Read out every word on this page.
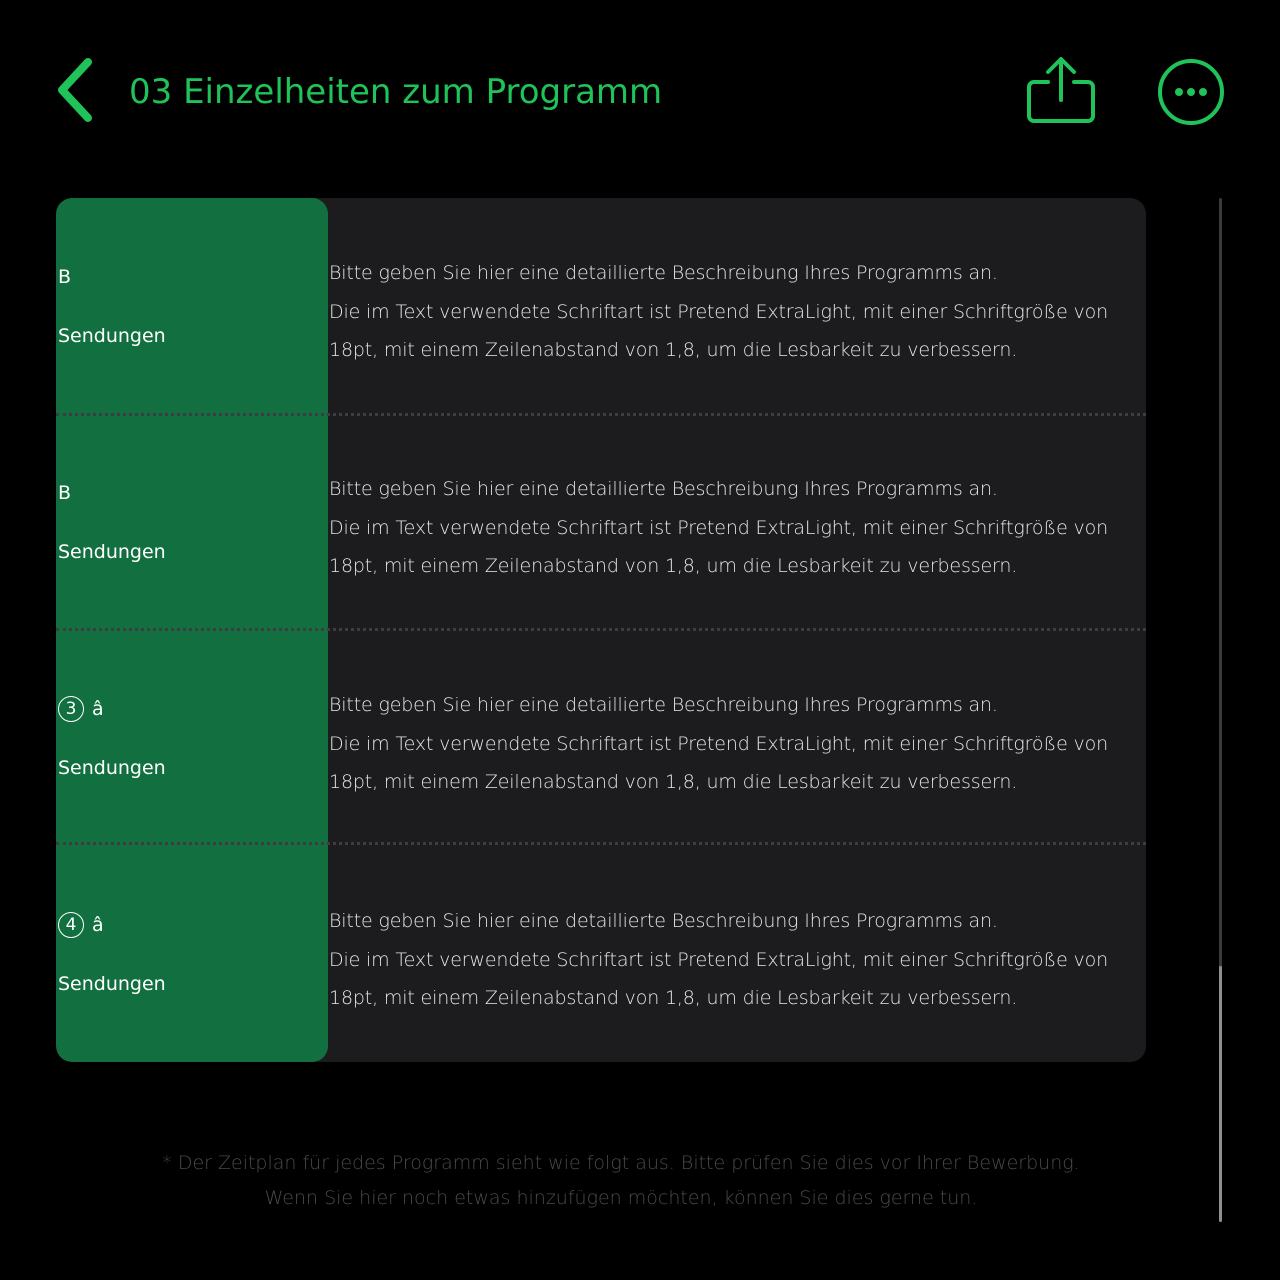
03 Einzelheiten zum Programm
B
Sendungen
Bitte geben Sie hier eine detaillierte Beschreibung Ihres Programms an.
Die im Text verwendete Schriftart ist Pretend ExtraLight, mit einer Schriftgröße von
18pt, mit einem Zeilenabstand von 1,8, um die Lesbarkeit zu verbessern.
B
Sendungen
Bitte geben Sie hier eine detaillierte Beschreibung Ihres Programms an.
Die im Text verwendete Schriftart ist Pretend ExtraLight, mit einer Schriftgröße von
18pt, mit einem Zeilenabstand von 1,8, um die Lesbarkeit zu verbessern.
3 â
Sendungen
Bitte geben Sie hier eine detaillierte Beschreibung Ihres Programms an.
Die im Text verwendete Schriftart ist Pretend ExtraLight, mit einer Schriftgröße von
18pt, mit einem Zeilenabstand von 1,8, um die Lesbarkeit zu verbessern.
4 â
Sendungen
Bitte geben Sie hier eine detaillierte Beschreibung Ihres Programms an.
Die im Text verwendete Schriftart ist Pretend ExtraLight, mit einer Schriftgröße von
18pt, mit einem Zeilenabstand von 1,8, um die Lesbarkeit zu verbessern.
* Der Zeitplan für jedes Programm sieht wie folgt aus. Bitte prüfen Sie dies vor Ihrer Bewerbung.
Wenn Sie hier noch etwas hinzufügen möchten, können Sie dies gerne tun.
